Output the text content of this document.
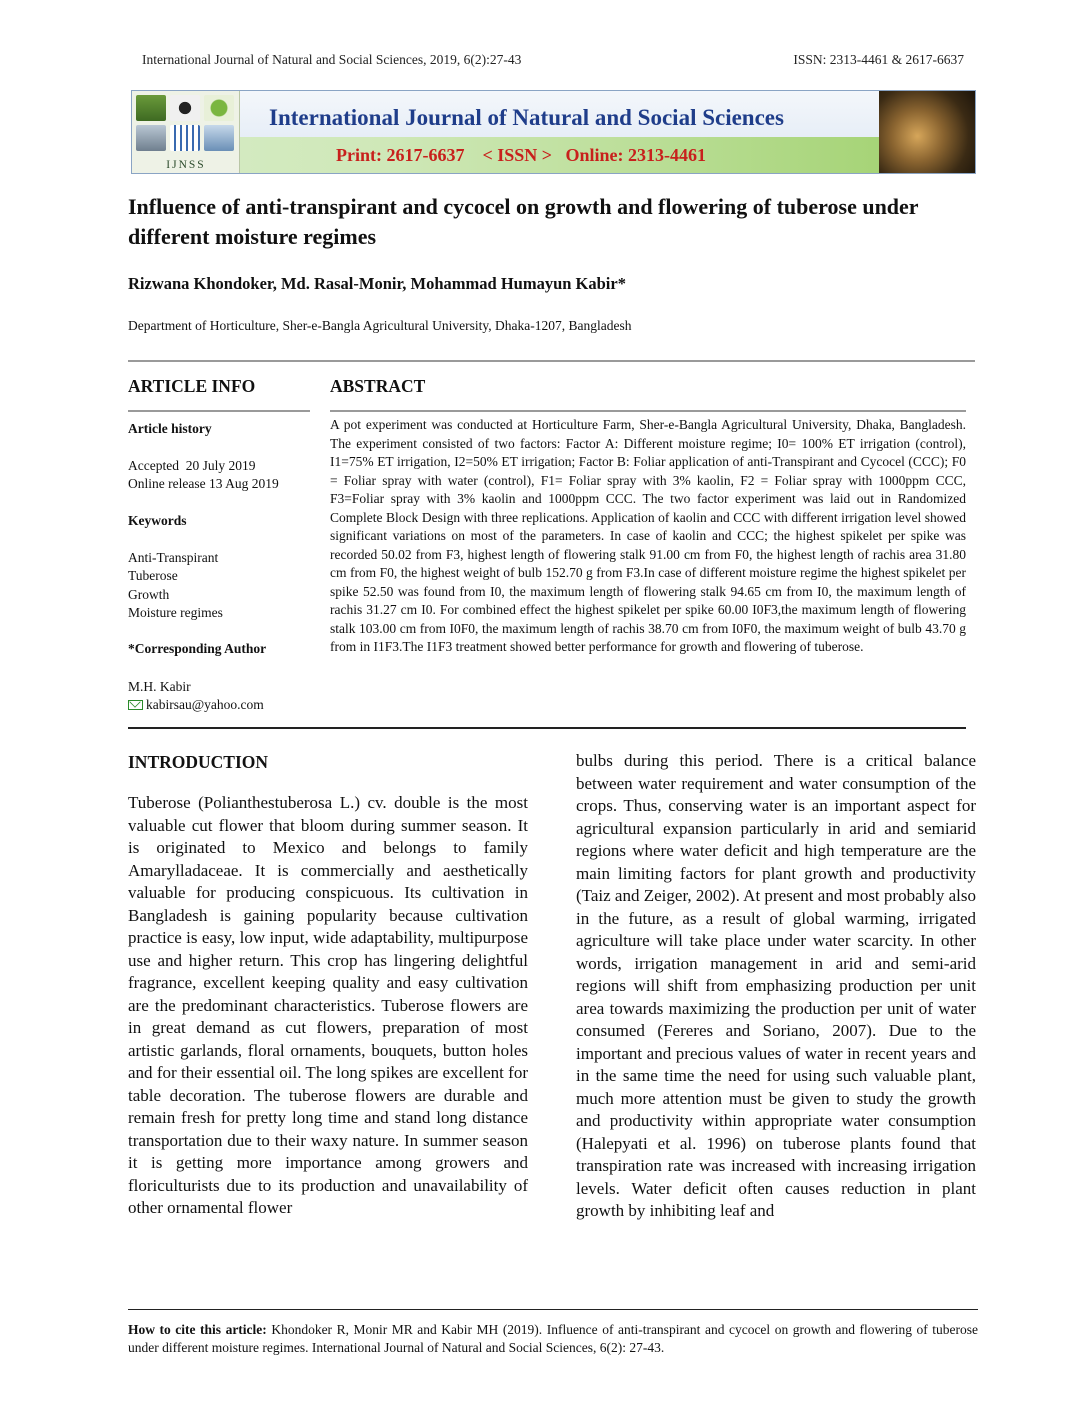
International Journal of Natural and Social Sciences, 2019, 6(2):27-43	ISSN: 2313-4461 & 2617-6637
IJNSS
International Journal of Natural and Social Sciences
Print: 2617-6637    < ISSN >   Online: 2313-4461
Influence of anti-transpirant and cycocel on growth and flowering of tuberose under different moisture regimes

Rizwana Khondoker, Md. Rasal-Monir, Mohammad Humayun Kabir*

Department of Horticulture, Sher-e-Bangla Agricultural University, Dhaka-1207, Bangladesh

ARTICLE INFO
Article history
Accepted  20 July 2019
Online release 13 Aug 2019
Keywords
Anti-Transpirant
Tuberose
Growth
Moisture regimes
*Corresponding Author
M.H. Kabir
kabirsau@yahoo.com
ABSTRACT

A pot experiment was conducted at Horticulture Farm, Sher-e-Bangla Agricultural University, Dhaka, Bangladesh. The experiment consisted of two factors: Factor A: Different moisture regime; I0= 100% ET irrigation (control), I1=75% ET irrigation, I2=50% ET irrigation; Factor B: Foliar application of anti-Transpirant and Cycocel (CCC); F0 = Foliar spray with water (control), F1= Foliar spray with 3% kaolin, F2 = Foliar spray with 1000ppm CCC, F3=Foliar spray with 3% kaolin and 1000ppm CCC. The two factor experiment was laid out in Randomized Complete Block Design with three replications. Application of kaolin and CCC with different irrigation level showed significant variations on most of the parameters. In case of kaolin and CCC; the highest spikelet per spike was recorded 50.02 from F3, highest length of flowering stalk 91.00 cm from F0, the highest length of rachis area 31.80 cm from F0, the highest weight of bulb 152.70 g from F3.In case of different moisture regime the highest spikelet per spike 52.50 was found from I0, the maximum length of flowering stalk 94.65 cm from I0, the maximum length of rachis 31.27 cm I0. For combined effect the highest spikelet per spike 60.00 I0F3,the maximum length of flowering stalk 103.00 cm from I0F0, the maximum length of rachis 38.70 cm from I0F0, the maximum weight of bulb 43.70 g from in I1F3.The I1F3 treatment showed better performance for growth and flowering of tuberose.

INTRODUCTION

Tuberose (Polianthestuberosa L.) cv. double is the most valuable cut flower that bloom during summer season. It is originated to Mexico and belongs to family Amarylladaceae. It is commercially and aesthetically valuable for producing conspicuous. Its cultivation in Bangladesh is gaining popularity because cultivation practice is easy, low input, wide adaptability, multipurpose use and higher return. This crop has lingering delightful fragrance, excellent keeping quality and easy cultivation are the predominant characteristics. Tuberose flowers are in great demand as cut flowers, preparation of most artistic garlands, floral ornaments, bouquets, button holes and for their essential oil. The long spikes are excellent for table decoration. The tuberose flowers are durable and remain fresh for pretty long time and stand long distance transportation due to their waxy nature. In summer season it is getting more importance among growers and floriculturists due to its production and unavailability of other ornamental flower

bulbs during this period. There is a critical balance between water requirement and water consumption of the crops. Thus, conserving water is an important aspect for agricultural expansion particularly in arid and semiarid regions where water deficit and high temperature are the main limiting factors for plant growth and productivity (Taiz and Zeiger, 2002). At present and most probably also in the future, as a result of global warming, irrigated agriculture will take place under water scarcity. In other words, irrigation management in arid and semi-arid regions will shift from emphasizing production per unit area towards maximizing the production per unit of water consumed (Fereres and Soriano, 2007). Due to the important and precious values of water in recent years and in the same time the need for using such valuable plant, much more attention must be given to study the growth and productivity within appropriate water consumption (Halepyati et al. 1996) on tuberose plants found that transpiration rate was increased with increasing irrigation levels. Water deficit often causes reduction in plant growth by inhibiting leaf and

How to cite this article: Khondoker R, Monir MR and Kabir MH (2019). Influence of anti-transpirant and cycocel on growth and flowering of tuberose under different moisture regimes. International Journal of Natural and Social Sciences, 6(2): 27-43.
